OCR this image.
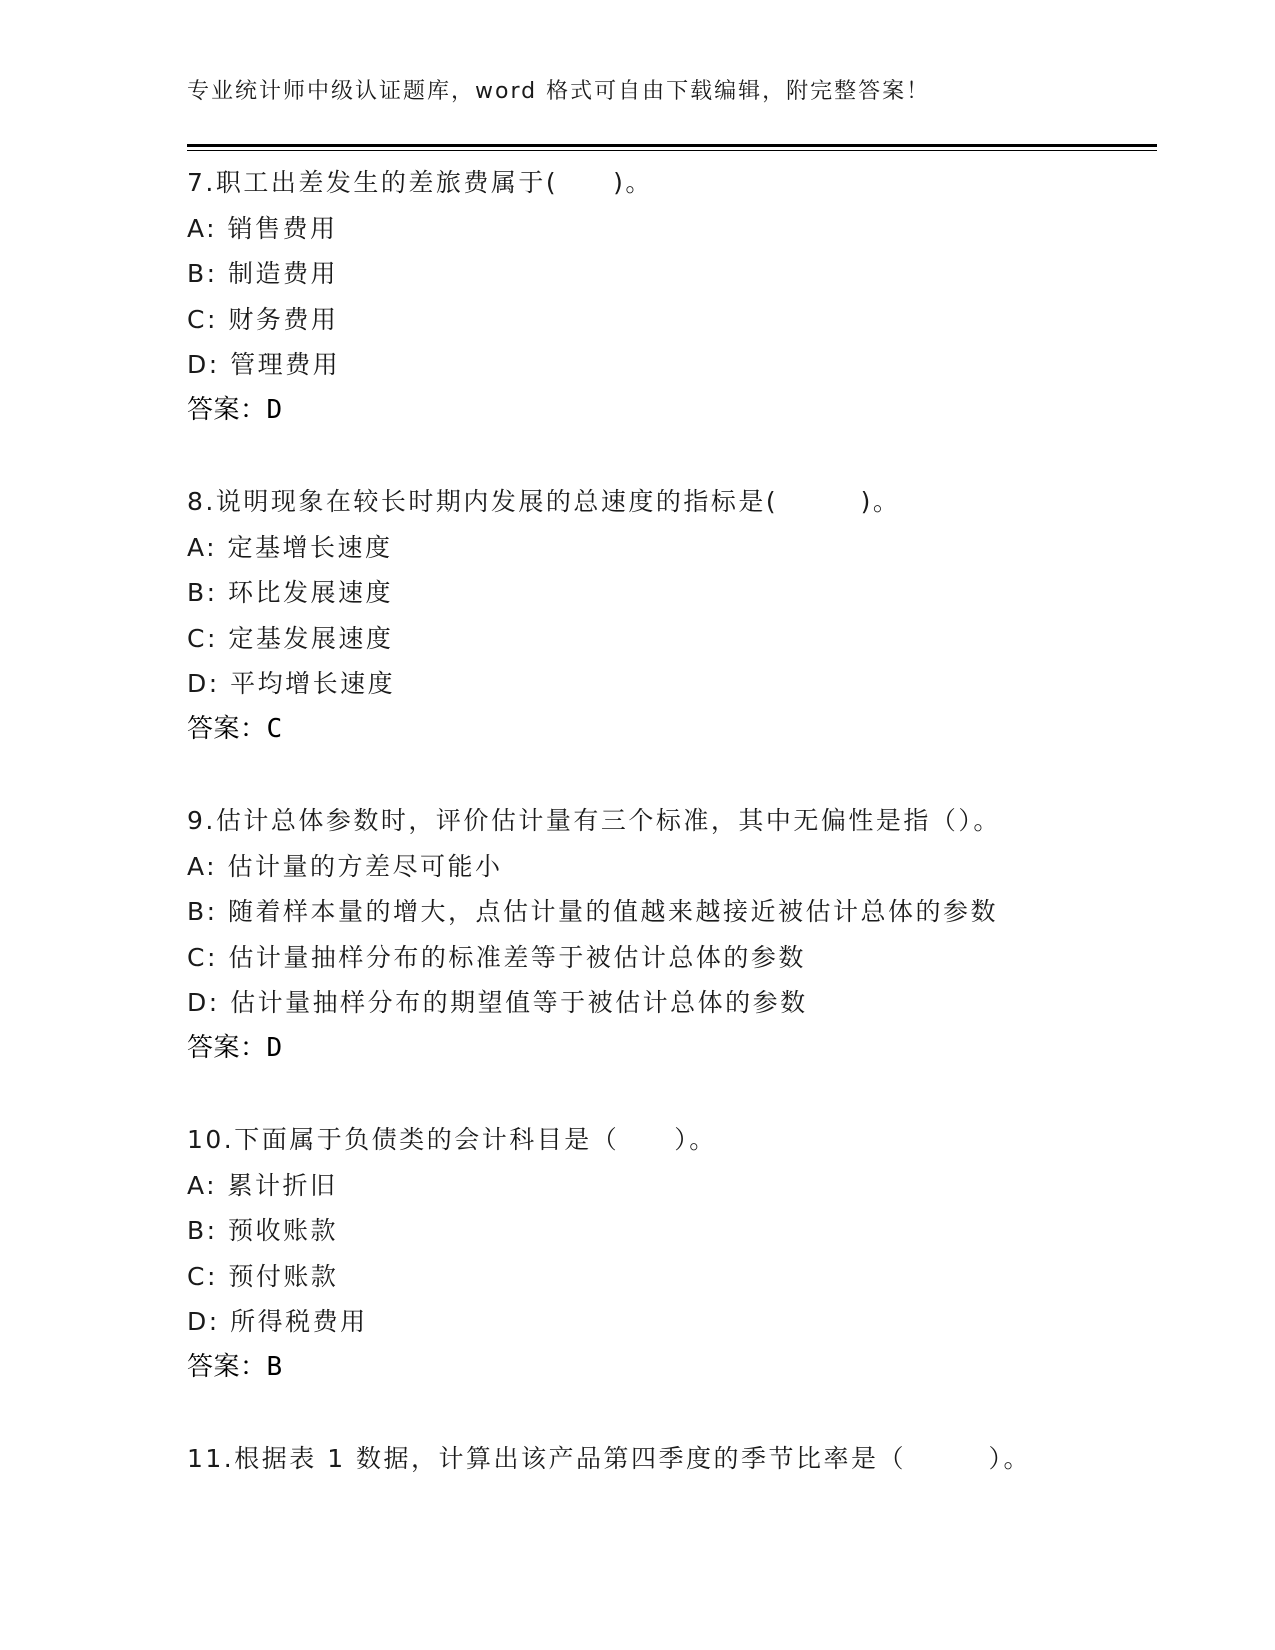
专业统计师中级认证题库，word 格式可自由下载编辑，附完整答案！
7.职工出差发生的差旅费属于(　　)。
A: 销售费用
B: 制造费用
C: 财务费用
D: 管理费用
答案：D
8.说明现象在较长时期内发展的总速度的指标是(　　　)。
A: 定基增长速度
B: 环比发展速度
C: 定基发展速度
D: 平均增长速度
答案：C
9.估计总体参数时，评价估计量有三个标准，其中无偏性是指（）。
A: 估计量的方差尽可能小
B: 随着样本量的增大，点估计量的值越来越接近被估计总体的参数
C: 估计量抽样分布的标准差等于被估计总体的参数
D: 估计量抽样分布的期望值等于被估计总体的参数
答案：D
10.下面属于负债类的会计科目是（　　）。
A: 累计折旧
B: 预收账款
C: 预付账款
D: 所得税费用
答案：B
11.根据表 1 数据，计算出该产品第四季度的季节比率是（　　　）。
